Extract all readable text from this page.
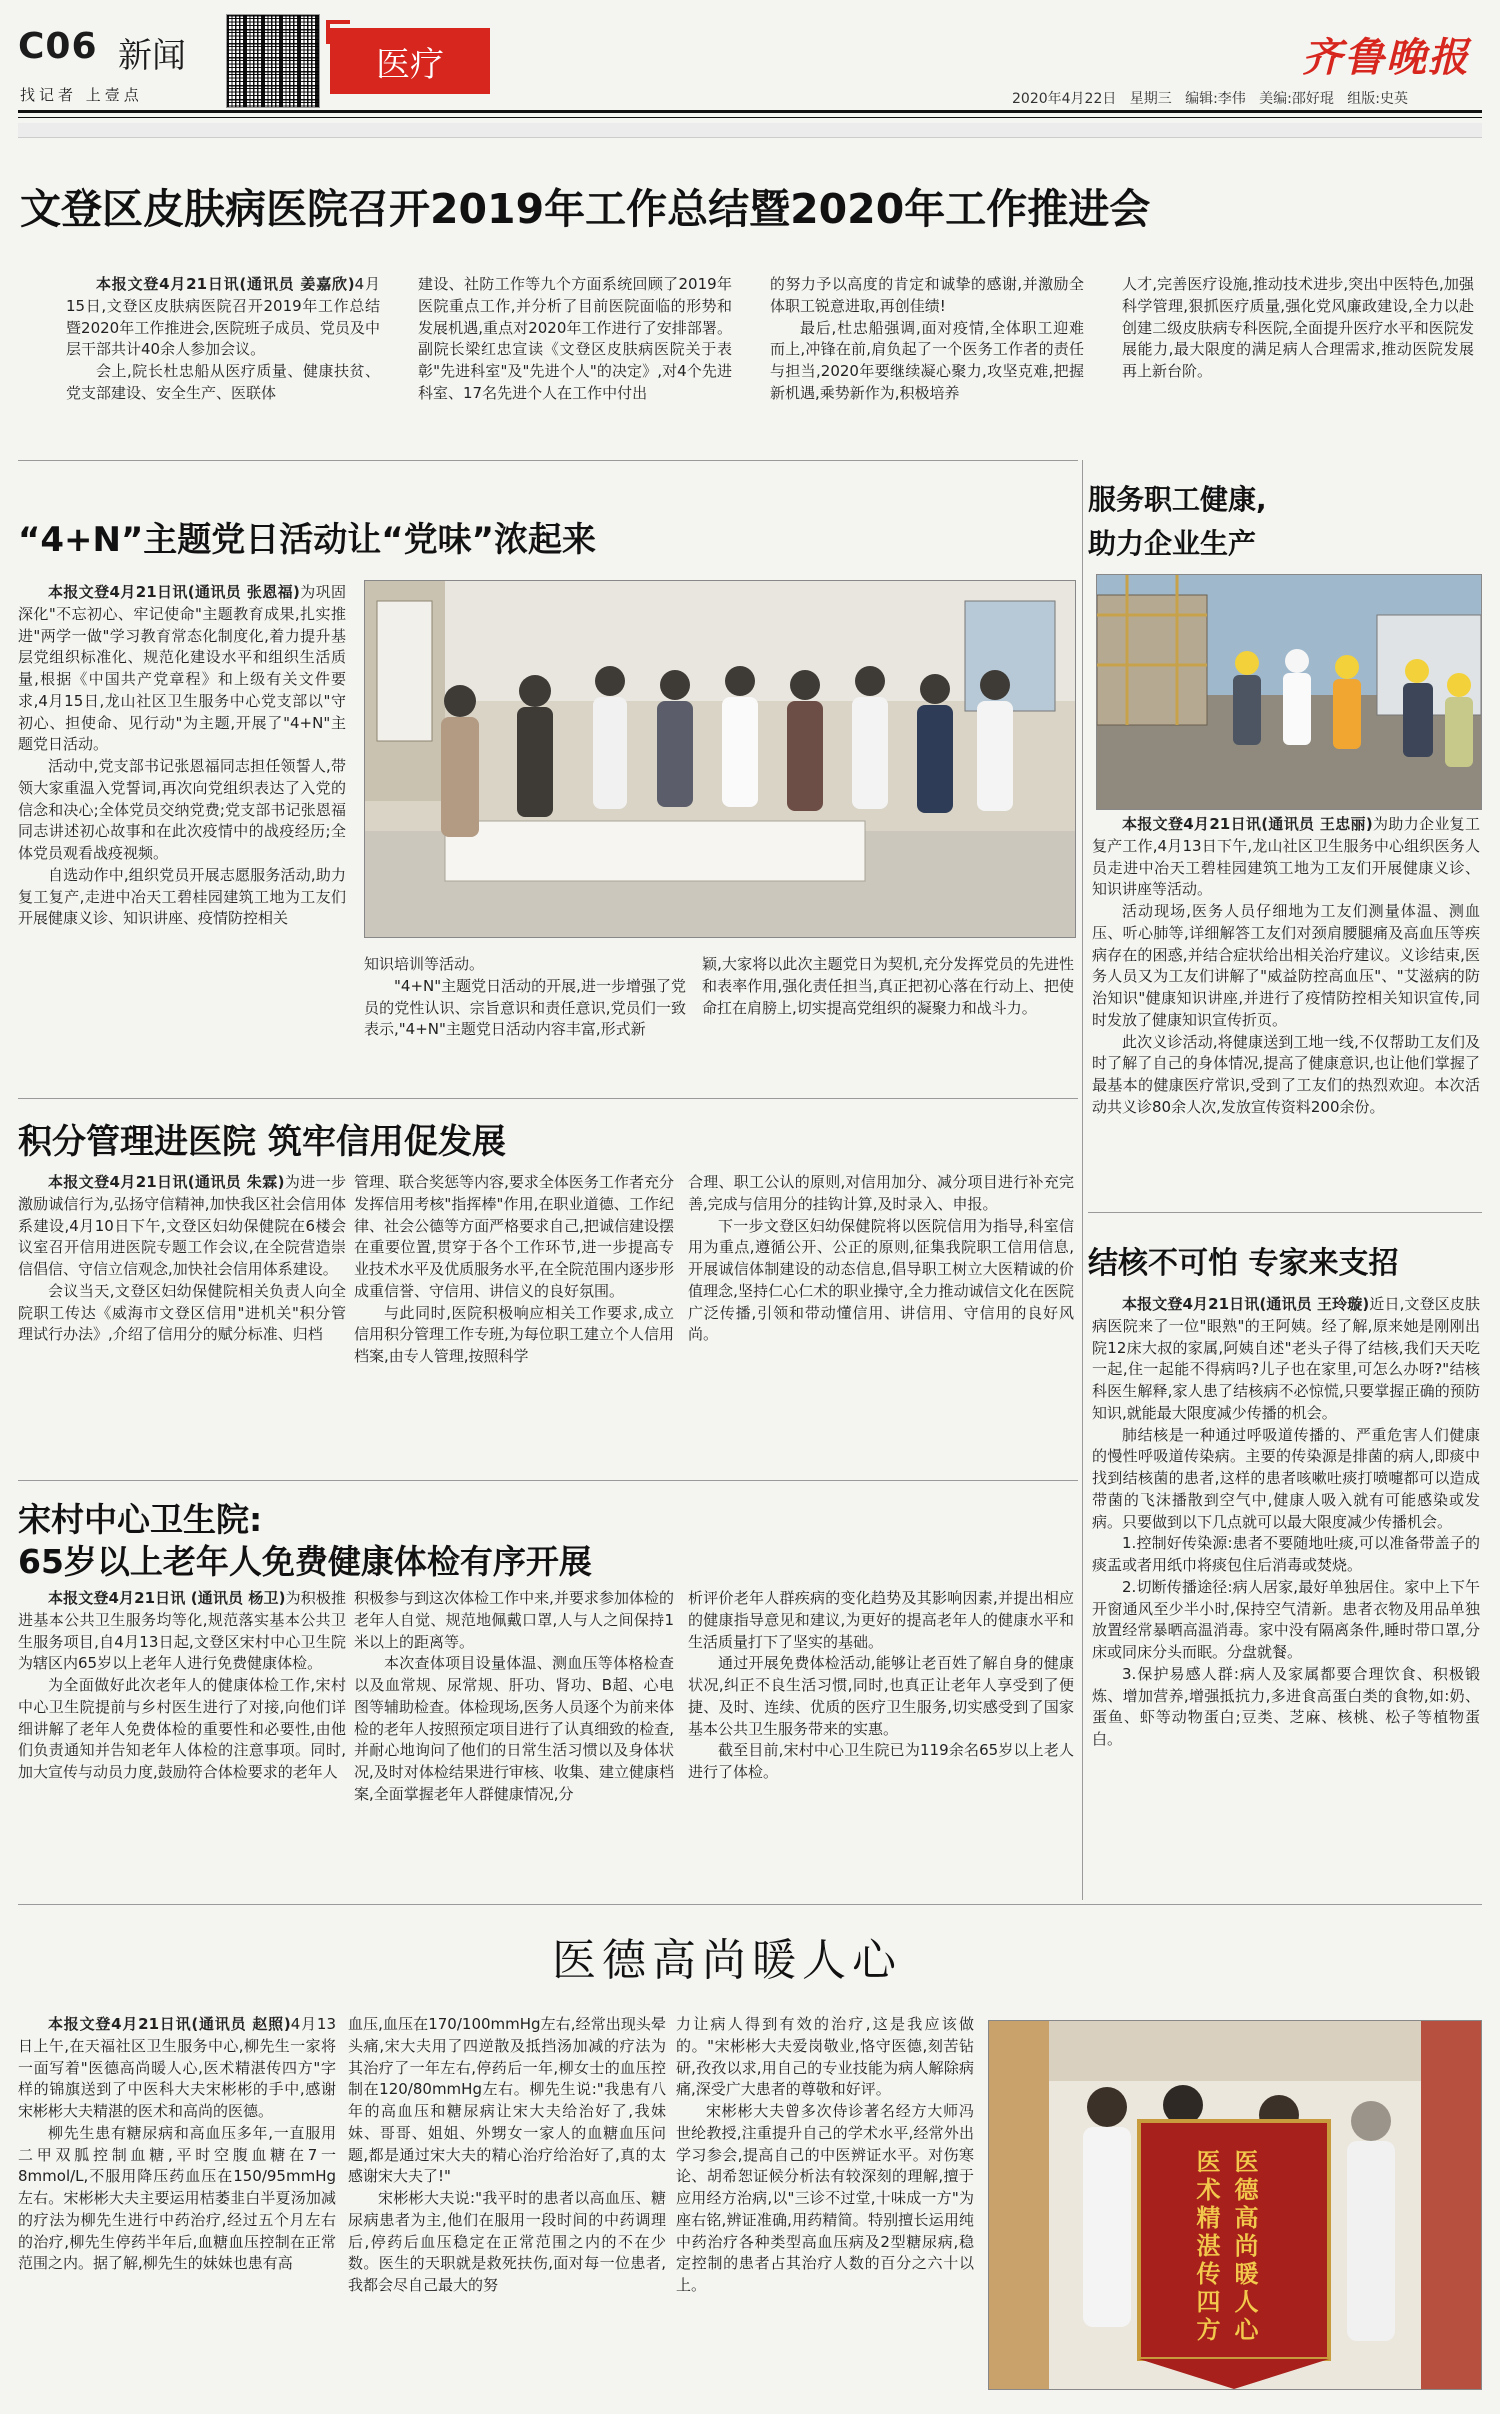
C06 新闻
找记者 上壹点
医疗	齐鲁晚报
2020年4月22日 星期三 编辑:李伟 美编:邵好琨 组版:史英
文登区皮肤病医院召开2019年工作总结暨2020年工作推进会

本报文登4月21日讯(通讯员 姜嘉欣)4月15日,文登区皮肤病医院召开2019年工作总结暨2020年工作推进会,医院班子成员、党员及中层干部共计40余人参加会议。

会上,院长杜忠船从医疗质量、健康扶贫、党支部建设、安全生产、医联体

建设、社防工作等九个方面系统回顾了2019年医院重点工作,并分析了目前医院面临的形势和发展机遇,重点对2020年工作进行了安排部署。副院长梁红忠宣读《文登区皮肤病医院关于表彰"先进科室"及"先进个人"的决定》,对4个先进科室、17名先进个人在工作中付出

的努力予以高度的肯定和诚挚的感谢,并激励全体职工锐意进取,再创佳绩!

最后,杜忠船强调,面对疫情,全体职工迎难而上,冲锋在前,肩负起了一个医务工作者的责任与担当,2020年要继续凝心聚力,攻坚克难,把握新机遇,乘势新作为,积极培养

人才,完善医疗设施,推动技术进步,突出中医特色,加强科学管理,狠抓医疗质量,强化党风廉政建设,全力以赴创建二级皮肤病专科医院,全面提升医疗水平和医院发展能力,最大限度的满足病人合理需求,推动医院发展再上新台阶。

“4+N”主题党日活动让“党味”浓起来

本报文登4月21日讯(通讯员 张恩福)为巩固深化"不忘初心、牢记使命"主题教育成果,扎实推进"两学一做"学习教育常态化制度化,着力提升基层党组织标准化、规范化建设水平和组织生活质量,根据《中国共产党章程》和上级有关文件要求,4月15日,龙山社区卫生服务中心党支部以"守初心、担使命、见行动"为主题,开展了"4+N"主题党日活动。

活动中,党支部书记张恩福同志担任领誓人,带领大家重温入党誓词,再次向党组织表达了入党的信念和决心;全体党员交纳党费;党支部书记张恩福同志讲述初心故事和在此次疫情中的战疫经历;全体党员观看战疫视频。

自选动作中,组织党员开展志愿服务活动,助力复工复产,走进中冶天工碧桂园建筑工地为工友们开展健康义诊、知识讲座、疫情防控相关

知识培训等活动。

"4+N"主题党日活动的开展,进一步增强了党员的党性认识、宗旨意识和责任意识,党员们一致表示,"4+N"主题党日活动内容丰富,形式新

颖,大家将以此次主题党日为契机,充分发挥党员的先进性和表率作用,强化责任担当,真正把初心落在行动上、把使命扛在肩膀上,切实提高党组织的凝聚力和战斗力。

积分管理进医院 筑牢信用促发展

本报文登4月21日讯(通讯员 朱霖)为进一步激励诚信行为,弘扬守信精神,加快我区社会信用体系建设,4月10日下午,文登区妇幼保健院在6楼会议室召开信用进医院专题工作会议,在全院营造崇信倡信、守信立信观念,加快社会信用体系建设。

会议当天,文登区妇幼保健院相关负责人向全院职工传达《威海市文登区信用"进机关"积分管理试行办法》,介绍了信用分的赋分标准、归档

管理、联合奖惩等内容,要求全体医务工作者充分发挥信用考核"指挥棒"作用,在职业道德、工作纪律、社会公德等方面严格要求自己,把诚信建设摆在重要位置,贯穿于各个工作环节,进一步提高专业技术水平及优质服务水平,在全院范围内逐步形成重信誉、守信用、讲信义的良好氛围。

与此同时,医院积极响应相关工作要求,成立信用积分管理工作专班,为每位职工建立个人信用档案,由专人管理,按照科学

合理、职工公认的原则,对信用加分、减分项目进行补充完善,完成与信用分的挂钩计算,及时录入、申报。

下一步文登区妇幼保健院将以医院信用为指导,科室信用为重点,遵循公开、公正的原则,征集我院职工信用信息,开展诚信体制建设的动态信息,倡导职工树立大医精诚的价值理念,坚持仁心仁术的职业操守,全力推动诚信文化在医院广泛传播,引领和带动懂信用、讲信用、守信用的良好风尚。

宋村中心卫生院:
65岁以上老年人免费健康体检有序开展

本报文登4月21日讯 (通讯员 杨卫)为积极推进基本公共卫生服务均等化,规范落实基本公共卫生服务项目,自4月13日起,文登区宋村中心卫生院为辖区内65岁以上老年人进行免费健康体检。

为全面做好此次老年人的健康体检工作,宋村中心卫生院提前与乡村医生进行了对接,向他们详细讲解了老年人免费体检的重要性和必要性,由他们负责通知并告知老年人体检的注意事项。同时,加大宣传与动员力度,鼓励符合体检要求的老年人

积极参与到这次体检工作中来,并要求参加体检的老年人自觉、规范地佩戴口罩,人与人之间保持1米以上的距离等。

本次查体项目设量体温、测血压等体格检查以及血常规、尿常规、肝功、肾功、B超、心电图等辅助检查。体检现场,医务人员逐个为前来体检的老年人按照预定项目进行了认真细致的检查,并耐心地询问了他们的日常生活习惯以及身体状况,及时对体检结果进行审核、收集、建立健康档案,全面掌握老年人群健康情况,分

析评价老年人群疾病的变化趋势及其影响因素,并提出相应的健康指导意见和建议,为更好的提高老年人的健康水平和生活质量打下了坚实的基础。

通过开展免费体检活动,能够让老百姓了解自身的健康状况,纠正不良生活习惯,同时,也真正让老年人享受到了便捷、及时、连续、优质的医疗卫生服务,切实感受到了国家基本公共卫生服务带来的实惠。

截至目前,宋村中心卫生院已为119余名65岁以上老人进行了体检。

服务职工健康,
助力企业生产

本报文登4月21日讯(通讯员 王忠丽)为助力企业复工复产工作,4月13日下午,龙山社区卫生服务中心组织医务人员走进中冶天工碧桂园建筑工地为工友们开展健康义诊、知识讲座等活动。

活动现场,医务人员仔细地为工友们测量体温、测血压、听心肺等,详细解答工友们对颈肩腰腿痛及高血压等疾病存在的困惑,并结合症状给出相关治疗建议。义诊结束,医务人员又为工友们讲解了"威益防控高血压"、"艾滋病的防治知识"健康知识讲座,并进行了疫情防控相关知识宣传,同时发放了健康知识宣传折页。

此次义诊活动,将健康送到工地一线,不仅帮助工友们及时了解了自己的身体情况,提高了健康意识,也让他们掌握了最基本的健康医疗常识,受到了工友们的热烈欢迎。本次活动共义诊80余人次,发放宣传资料200余份。

结核不可怕 专家来支招

本报文登4月21日讯(通讯员 王玲璇)近日,文登区皮肤病医院来了一位"眼熟"的王阿姨。经了解,原来她是刚刚出院12床大叔的家属,阿姨自述"老头子得了结核,我们天天吃一起,住一起能不得病吗?儿子也在家里,可怎么办呀?"结核科医生解释,家人患了结核病不必惊慌,只要掌握正确的预防知识,就能最大限度减少传播的机会。

肺结核是一种通过呼吸道传播的、严重危害人们健康的慢性呼吸道传染病。主要的传染源是排菌的病人,即痰中找到结核菌的患者,这样的患者咳嗽吐痰打喷嚏都可以造成带菌的飞沫播散到空气中,健康人吸入就有可能感染或发病。只要做到以下几点就可以最大限度减少传播机会。

1.控制好传染源:患者不要随地吐痰,可以准备带盖子的痰盂或者用纸巾将痰包住后消毒或焚烧。

2.切断传播途径:病人居家,最好单独居住。家中上下午开窗通风至少半小时,保持空气清新。患者衣物及用品单独放置经常暴晒高温消毒。家中没有隔离条件,睡时带口罩,分床或同床分头而眠。分盘就餐。

3.保护易感人群:病人及家属都要合理饮食、积极锻炼、增加营养,增强抵抗力,多进食高蛋白类的食物,如:奶、蛋鱼、虾等动物蛋白;豆类、芝麻、核桃、松子等植物蛋白。

医德高尚暖人心

本报文登4月21日讯(通讯员 赵照)4月13日上午,在天福社区卫生服务中心,柳先生一家将一面写着"医德高尚暖人心,医术精湛传四方"字样的锦旗送到了中医科大夫宋彬彬的手中,感谢宋彬彬大夫精湛的医术和高尚的医德。

柳先生患有糖尿病和高血压多年,一直服用二甲双胍控制血糖,平时空腹血糖在7一8mmol/L,不服用降压药血压在150/95mmHg左右。宋彬彬大夫主要运用桔萎韭白半夏汤加减的疗法为柳先生进行中药治疗,经过五个月左右的治疗,柳先生停药半年后,血糖血压控制在正常范围之内。据了解,柳先生的妹妹也患有高

血压,血压在170/100mmHg左右,经常出现头晕头痛,宋大夫用了四逆散及抵挡汤加减的疗法为其治疗了一年左右,停药后一年,柳女士的血压控制在120/80mmHg左右。柳先生说:"我患有八年的高血压和糖尿病让宋大夫给治好了,我妹妹、哥哥、姐姐、外甥女一家人的血糖血压问题,都是通过宋大夫的精心治疗给治好了,真的太感谢宋大夫了!"

宋彬彬大夫说:"我平时的患者以高血压、糖尿病患者为主,他们在服用一段时间的中药调理后,停药后血压稳定在正常范围之内的不在少数。医生的天职就是救死扶伤,面对每一位患者,我都会尽自己最大的努

力让病人得到有效的治疗,这是我应该做的。"宋彬彬大夫爱岗敬业,恪守医德,刻苦钻研,孜孜以求,用自己的专业技能为病人解除病痛,深受广大患者的尊敬和好评。

宋彬彬大夫曾多次侍诊著名经方大师冯世纶教授,注重提升自己的学术水平,经常外出学习参会,提高自己的中医辨证水平。对伤寒论、胡希恕证候分析法有较深刻的理解,擅于应用经方治病,以"三诊不过堂,十味成一方"为座右铭,辨证准确,用药精简。特别擅长运用纯中药治疗各种类型高血压病及2型糖尿病,稳定控制的患者占其治疗人数的百分之六十以上。	医德高尚暖人心
医术精湛传四方
